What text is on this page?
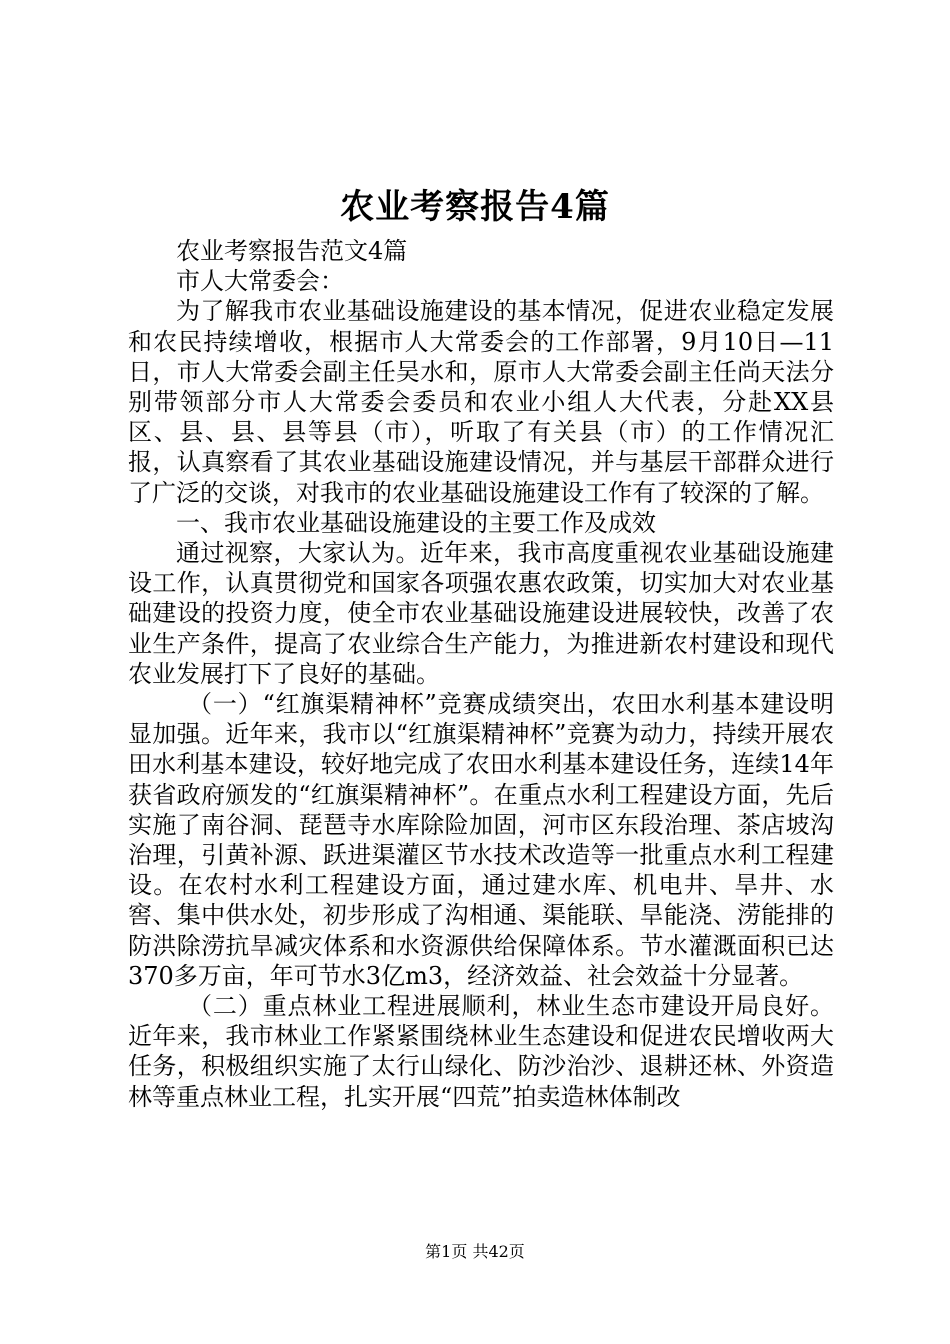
农业考察报告4篇

农业考察报告范文4篇

市人大常委会：

为了解我市农业基础设施建设的基本情况，促进农业稳定发展和农民持续增收，根据市人大常委会的工作部署，9月10日—11日，市人大常委会副主任吴水和，原市人大常委会副主任尚天法分别带领部分市人大常委会委员和农业小组人大代表，分赴XX县区、县、县、县等县（市），听取了有关县（市）的工作情况汇报，认真察看了其农业基础设施建设情况，并与基层干部群众进行了广泛的交谈，对我市的农业基础设施建设工作有了较深的了解。

一、我市农业基础设施建设的主要工作及成效

通过视察，大家认为。近年来，我市高度重视农业基础设施建设工作，认真贯彻党和国家各项强农惠农政策，切实加大对农业基础建设的投资力度，使全市农业基础设施建设进展较快，改善了农业生产条件，提高了农业综合生产能力，为推进新农村建设和现代农业发展打下了良好的基础。

（一）“红旗渠精神杯”竞赛成绩突出，农田水利基本建设明显加强。近年来，我市以“红旗渠精神杯”竞赛为动力，持续开展农田水利基本建设，较好地完成了农田水利基本建设任务，连续14年获省政府颁发的“红旗渠精神杯”。在重点水利工程建设方面，先后实施了南谷洞、琵琶寺水库除险加固，河市区东段治理、茶店坡沟治理，引黄补源、跃进渠灌区节水技术改造等一批重点水利工程建设。在农村水利工程建设方面，通过建水库、机电井、旱井、水窖、集中供水处，初步形成了沟相通、渠能联、旱能浇、涝能排的防洪除涝抗旱减灾体系和水资源供给保障体系。节水灌溉面积已达370多万亩，年可节水3亿m3，经济效益、社会效益十分显著。

（二）重点林业工程进展顺利，林业生态市建设开局良好。近年来，我市林业工作紧紧围绕林业生态建设和促进农民增收两大任务，积极组织实施了太行山绿化、防沙治沙、退耕还林、外资造林等重点林业工程，扎实开展“四荒”拍卖造林体制改

第1页 共42页
